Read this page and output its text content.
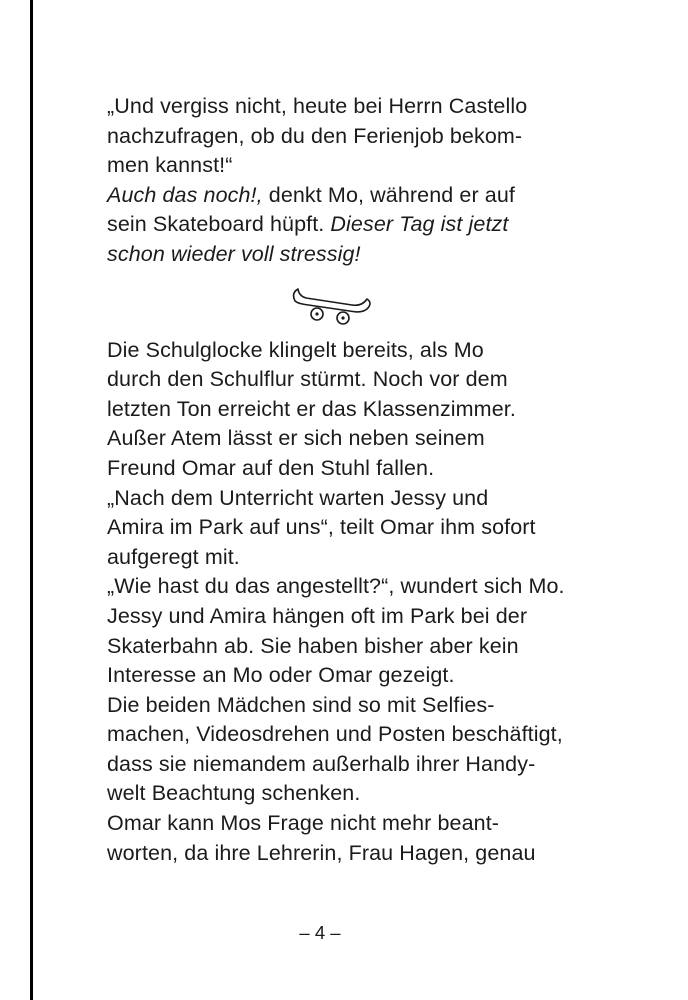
„Und vergiss nicht, heute bei Herrn Castello
nachzufragen, ob du den Ferienjob bekom-
men kannst!“
Auch das noch!, denkt Mo, während er auf
sein Skateboard hüpft. Dieser Tag ist jetzt
schon wieder voll stressig!
Die Schulglocke klingelt bereits, als Mo
durch den Schulflur stürmt. Noch vor dem
letzten Ton erreicht er das Klassenzimmer.
Außer Atem lässt er sich neben seinem
Freund Omar auf den Stuhl fallen.
„Nach dem Unterricht warten Jessy und
Amira im Park auf uns“, teilt Omar ihm sofort
aufgeregt mit.
„Wie hast du das angestellt?“, wundert sich Mo.
Jessy und Amira hängen oft im Park bei der
Skaterbahn ab. Sie haben bisher aber kein
Interesse an Mo oder Omar gezeigt.
Die beiden Mädchen sind so mit Selfies-
machen, Videosdrehen und Posten beschäftigt,
dass sie niemandem außerhalb ihrer Handy-
welt Beachtung schenken.
Omar kann Mos Frage nicht mehr beant-
worten, da ihre Lehrerin, Frau Hagen, genau
– 4 –
